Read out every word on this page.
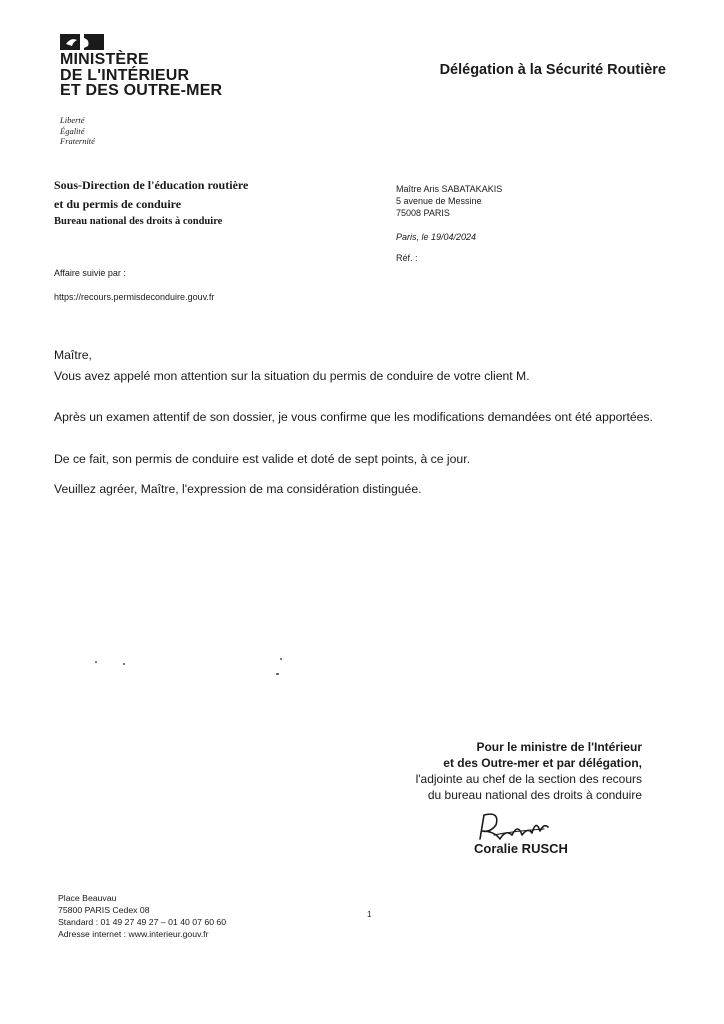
MINISTÈRE
DE L'INTÉRIEUR
ET DES OUTRE-MER
Liberté
Égalité
Fraternité
Délégation à la Sécurité Routière
Sous-Direction de l'éducation routière
et du permis de conduire
Bureau national des droits à conduire
Maître Aris SABATAKAKIS
5 avenue de Messine
75008 PARIS
Paris, le 19/04/2024
Réf. :
Affaire suivie par :
https://recours.permisdeconduire.gouv.fr
Maître,
Vous avez appelé mon attention sur la situation du permis de conduire de votre client M.
Après un examen attentif de son dossier, je vous confirme que les modifications demandées ont été apportées.
De ce fait, son permis de conduire est valide et doté de sept points, à ce jour.
Veuillez agréer, Maître, l'expression de ma considération distinguée.
Pour le ministre de l'Intérieur
et des Outre-mer et par délégation,
l'adjointe au chef de la section des recours
du bureau national des droits à conduire
Coralie RUSCH
Place Beauvau
75800 PARIS Cedex 08
Standard : 01 49 27 49 27 – 01 40 07 60 60
Adresse internet : www.interieur.gouv.fr
1
